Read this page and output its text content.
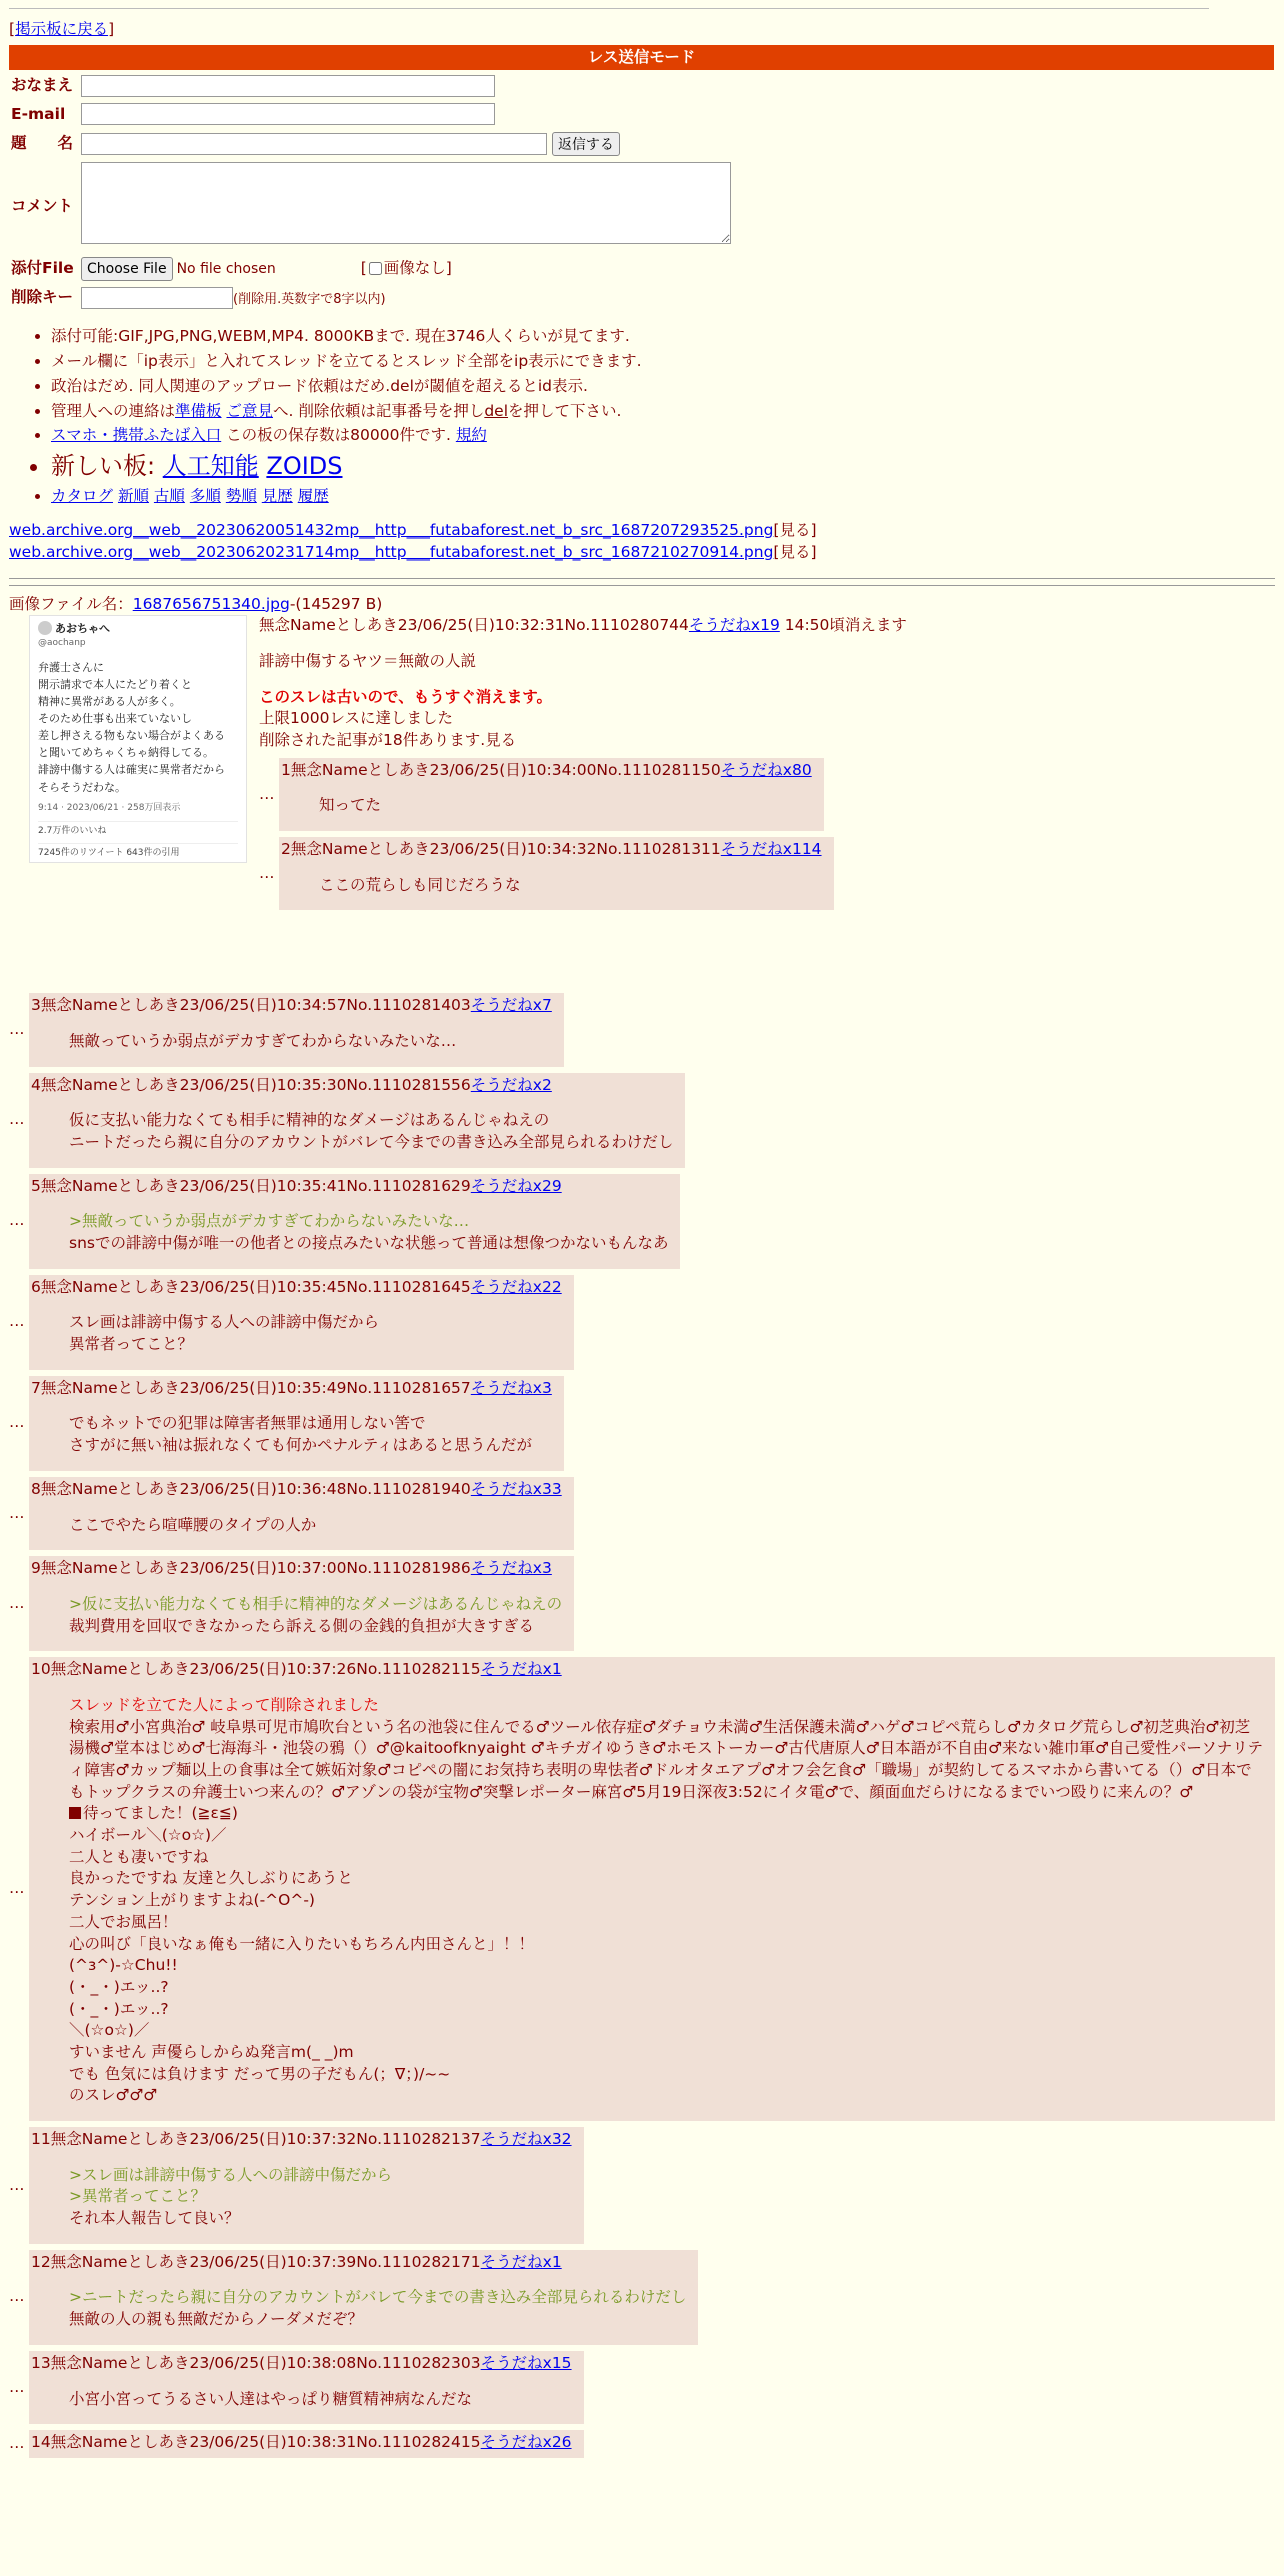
[掲示板に戻る]
レス送信モード
おなまえ	
E-mail	
題　　名	返信する
コメント	
添付File	Choose File No file chosen [ 画像なし]
削除キー	(削除用.英数字で8字以内)
• 添付可能:GIF,JPG,PNG,WEBM,MP4. 8000KBまで. 現在3746人くらいが見てます.
• メール欄に「ip表示」と入れてスレッドを立てるとスレッド全部をip表示にできます.
• 政治はだめ. 同人関連のアップロード依頼はだめ.delが閾値を超えるとid表示.
• 管理人への連絡は準備板 ご意見へ. 削除依頼は記事番号を押しdelを押して下さい.
• スマホ・携帯ふたば入口 この板の保存数は80000件です. 規約
• 新しい板: 人工知能 ZOIDS
• カタログ 新順 古順 多順 勢順 見歴 履歴
web.archive.org__web__20230620051432mp__http___futabaforest.net_b_src_1687207293525.png[見る]
web.archive.org__web__20230620231714mp__http___futabaforest.net_b_src_1687210270914.png[見る]
画像ファイル名：1687656751340.jpg-(145297 B)
あおちゃへ
@aochanp
弁護士さんに
開示請求で本人にたどり着くと
精神に異常がある人が多く。
そのため仕事も出来ていないし
差し押さえる物もない場合がよくある
と聞いてめちゃくちゃ納得してる。
誹謗中傷する人は確実に異常者だから
そらそうだわな。
9:14 · 2023/06/21 · 258万回表示
2.7万件のいいね
7245件のリツイート 643件の引用
無念Nameとしあき23/06/25(日)10:32:31No.1110280744そうだねx19 14:50頃消えます
誹謗中傷するヤツ＝無敵の人説
このスレは古いので、もうすぐ消えます。
上限1000レスに達しました
削除された記事が18件あります.見る
…
1無念Nameとしあき23/06/25(日)10:34:00No.1110281150そうだねx80
知ってた
…
2無念Nameとしあき23/06/25(日)10:34:32No.1110281311そうだねx114
ここの荒らしも同じだろうな
…
3無念Nameとしあき23/06/25(日)10:34:57No.1110281403そうだねx7
無敵っていうか弱点がデカすぎてわからないみたいな…
…
4無念Nameとしあき23/06/25(日)10:35:30No.1110281556そうだねx2
仮に支払い能力なくても相手に精神的なダメージはあるんじゃねえの
ニートだったら親に自分のアカウントがバレて今までの書き込み全部見られるわけだし
…
5無念Nameとしあき23/06/25(日)10:35:41No.1110281629そうだねx29
>無敵っていうか弱点がデカすぎてわからないみたいな…
snsでの誹謗中傷が唯一の他者との接点みたいな状態って普通は想像つかないもんなあ
…
6無念Nameとしあき23/06/25(日)10:35:45No.1110281645そうだねx22
スレ画は誹謗中傷する人への誹謗中傷だから
異常者ってこと？
…
7無念Nameとしあき23/06/25(日)10:35:49No.1110281657そうだねx3
でもネットでの犯罪は障害者無罪は通用しない筈で
さすがに無い袖は振れなくても何かペナルティはあると思うんだが
…
8無念Nameとしあき23/06/25(日)10:36:48No.1110281940そうだねx33
ここでやたら喧嘩腰のタイプの人か
…
9無念Nameとしあき23/06/25(日)10:37:00No.1110281986そうだねx3
>仮に支払い能力なくても相手に精神的なダメージはあるんじゃねえの
裁判費用を回収できなかったら訴える側の金銭的負担が大きすぎる
…
10無念Nameとしあき23/06/25(日)10:37:26No.1110282115そうだねx1
スレッドを立てた人によって削除されました
検索用♂小宮典治♂ 岐阜県可児市鳩吹台という名の池袋に住んでる♂ツール依存症♂ダチョウ未満♂生活保護未満♂ハゲ♂コピペ荒らし♂カタログ荒らし♂初芝典治♂初芝湯機♂堂本はじめ♂七海海斗・池袋の鴉（）♂@kaitoofknyaight ♂キチガイゆうき♂ホモストーカー♂古代唐原人♂日本語が不自由♂来ない雑巾軍♂自己愛性パーソナリティ障害♂カップ麺以上の食事は全て嫉妬対象♂コピペの闇にお気持ち表明の卑怯者♂ドルオタエアプ♂オフ会乞食♂「職場」が契約してるスマホから書いてる（）♂日本でもトップクラスの弁護士いつ来んの？♂アゾンの袋が宝物♂突撃レポーター麻宮♂5月19日深夜3:52にイタ電♂で、顔面血だらけになるまでいつ殴りに来んの？♂
待ってました！(≧ε≦)
ハイボール＼(☆o☆)／
二人とも凄いですね
良かったですね 友達と久しぶりにあうと
テンション上がりますよね(-^O^-)
二人でお風呂！
心の叫び「良いなぁ俺も一緒に入りたいもちろん内田さんと」！！
(^з^)-☆Chu!!
(・_・)エッ..?
(・_・)エッ..?
＼(☆o☆)／
すいません 声優らしからぬ発言m(_ _)m
でも 色気には負けます だって男の子だもん(；∇；)/~~
のスレ♂♂♂
…
11無念Nameとしあき23/06/25(日)10:37:32No.1110282137そうだねx32
>スレ画は誹謗中傷する人への誹謗中傷だから
>異常者ってこと？
それ本人報告して良い？
…
12無念Nameとしあき23/06/25(日)10:37:39No.1110282171そうだねx1
>ニートだったら親に自分のアカウントがバレて今までの書き込み全部見られるわけだし
無敵の人の親も無敵だからノーダメだぞ？
…
13無念Nameとしあき23/06/25(日)10:38:08No.1110282303そうだねx15
小宮小宮ってうるさい人達はやっぱり糖質精神病なんだな
… 14無念Nameとしあき23/06/25(日)10:38:31No.1110282415そうだねx26
